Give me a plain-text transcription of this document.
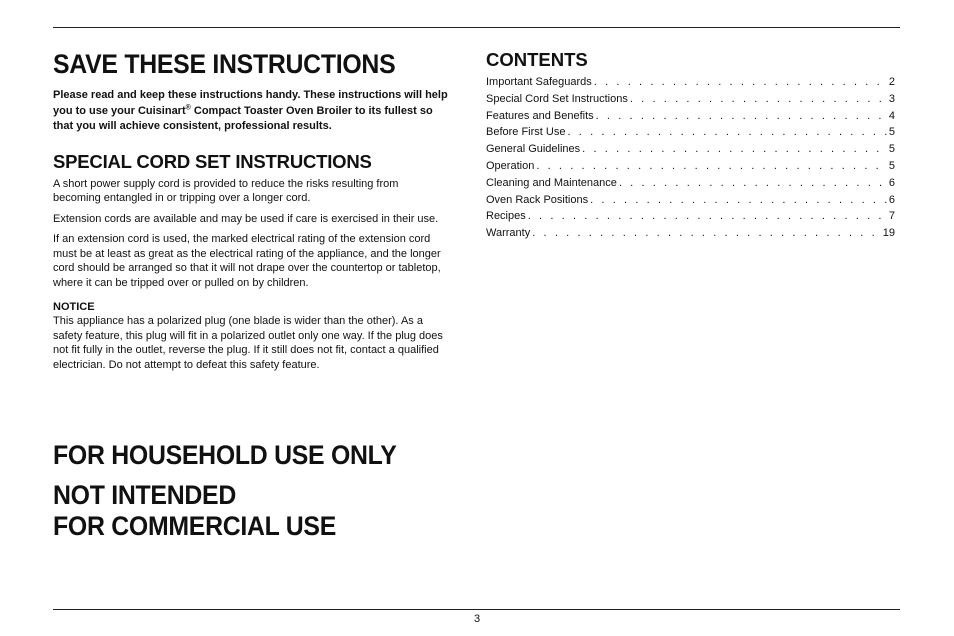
SAVE THESE INSTRUCTIONS

Please read and keep these instructions handy. These instructions will help you to use your Cuisinart® Compact Toaster Oven Broiler to its fullest so that you will achieve consistent, professional results.

SPECIAL CORD SET INSTRUCTIONS

A short power supply cord is provided to reduce the risks resulting from becoming entangled in or tripping over a longer cord.

Extension cords are available and may be used if care is exercised in their use.

If an extension cord is used, the marked electrical rating of the extension cord must be at least as great as the electrical rating of the appliance, and the longer cord should be arranged so that it will not drape over the countertop or tabletop, where it can be tripped over or pulled on by children.

NOTICE

This appliance has a polarized plug (one blade is wider than the other). As a safety feature, this plug will fit in a polarized outlet only one way. If the plug does not fit fully in the outlet, reverse the plug. If it still does not fit, contact a qualified electrician. Do not attempt to defeat this safety feature.

FOR HOUSEHOLD USE ONLY
NOT INTENDED
FOR COMMERCIAL USE
CONTENTS
Important Safeguards . . .	2
Special Cord Set Instructions . . .	3
Features and Benefits . . .	4
Before First Use . . .	5
General Guidelines . . .	5
Operation . . .	5
Cleaning and Maintenance . . .	6
Oven Rack Positions . . .	6
Recipes . . .	7
Warranty . . .	19
3
